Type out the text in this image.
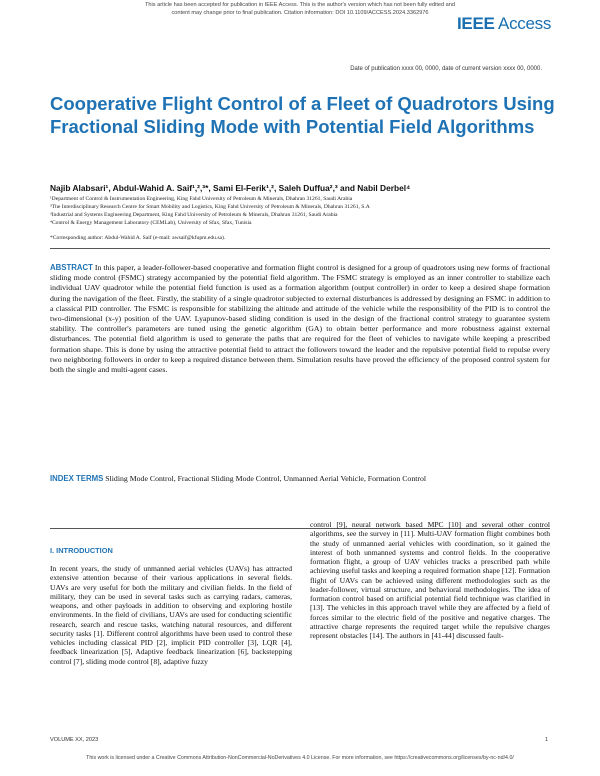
This article has been accepted for publication in IEEE Access. This is the author's version which has not been fully edited and
content may change prior to final publication. Citation information: DOI 10.1109/ACCESS.2024.3362976
IEEE Access
Date of publication xxxx 00, 0000, date of current version xxxx 00, 0000.
Cooperative Flight Control of a Fleet of Quadrotors Using Fractional Sliding Mode with Potential Field Algorithms
Najib Alabsari¹, Abdul-Wahid A. Saif¹,²,³*, Sami El-Ferik¹,², Saleh Duffua²,³ and Nabil Derbel⁴
¹Department of Control & Instrumentation Engineering, King Fahd University of Petroleum & Minerals, Dhahran 31261, Saudi Arabia
²The Interdisciplinary Research Centre for Smart Mobility and Logistics, King Fahd University of Petroleum & Minerals, Dhahran 31261, S.A
³Industrial and Systems Engineering Department, King Fahd University of Petroleum & Minerals, Dhahran 31261, Saudi Arabia
⁴Control & Energy Management Laboratory (CEMLab), University of Sfax, Sfax, Tunisia
*Corresponding author: Abdul-Wahid A. Saif (e-mail: awsaif@kfupm.edu.sa).
ABSTRACT In this paper, a leader-follower-based cooperative and formation flight control is designed for a group of quadrotors using new forms of fractional sliding mode control (FSMC) strategy accompanied by the potential field algorithm. The FSMC strategy is employed as an inner controller to stabilize each individual UAV quadrotor while the potential field function is used as a formation algorithm (output controller) in order to keep a desired shape formation during the navigation of the fleet. Firstly, the stability of a single quadrotor subjected to external disturbances is addressed by designing an FSMC in addition to a classical PID controller. The FSMC is responsible for stabilizing the altitude and attitude of the vehicle while the responsibility of the PID is to control the two-dimensional (x-y) position of the UAV. Lyapunov-based sliding condition is used in the design of the fractional control strategy to guarantee system stability. The controller's parameters are tuned using the genetic algorithm (GA) to obtain better performance and more robustness against external disturbances. The potential field algorithm is used to generate the paths that are required for the fleet of vehicles to navigate while keeping a prescribed formation shape. This is done by using the attractive potential field to attract the followers toward the leader and the repulsive potential field to repulse every two neighboring followers in order to keep a required distance between them. Simulation results have proved the efficiency of the proposed control system for both the single and multi-agent cases.
INDEX TERMS Sliding Mode Control, Fractional Sliding Mode Control, Unmanned Aerial Vehicle, Formation Control
I. INTRODUCTION
In recent years, the study of unmanned aerial vehicles (UAVs) has attracted extensive attention because of their various applications in several fields. UAVs are very useful for both the military and civilian fields. In the field of military, they can be used in several tasks such as carrying radars, cameras, weapons, and other payloads in addition to observing and exploring hostile environments. In the field of civilians, UAVs are used for conducting scientific research, search and rescue tasks, watching natural resources, and different security tasks [1]. Different control algorithms have been used to control these vehicles including classical PID [2], implicit PID controller [3], LQR [4], feedback linearization [5], Adaptive feedback linearization [6], backstepping control [7], sliding mode control [8], adaptive fuzzy
control [9], neural network based MPC [10] and several other control algorithms, see the survey in [11]. Multi-UAV formation flight combines both the study of unmanned aerial vehicles with coordination, so it gained the interest of both unmanned systems and control fields. In the cooperative formation flight, a group of UAV vehicles tracks a prescribed path while achieving useful tasks and keeping a required formation shape [12]. Formation flight of UAVs can be achieved using different methodologies such as the leader-follower, virtual structure, and behavioral methodologies. The idea of formation control based on artificial potential field technique was clarified in [13]. The vehicles in this approach travel while they are affected by a field of forces similar to the electric field of the positive and negative charges. The attractive charge represents the required target while the repulsive charges represent obstacles [14]. The authors in [41-44] discussed fault-
VOLUME XX, 2023	1
This work is licensed under a Creative Commons Attribution-NonCommercial-NoDerivatives 4.0 License. For more information, see https://creativecommons.org/licenses/by-nc-nd/4.0/
